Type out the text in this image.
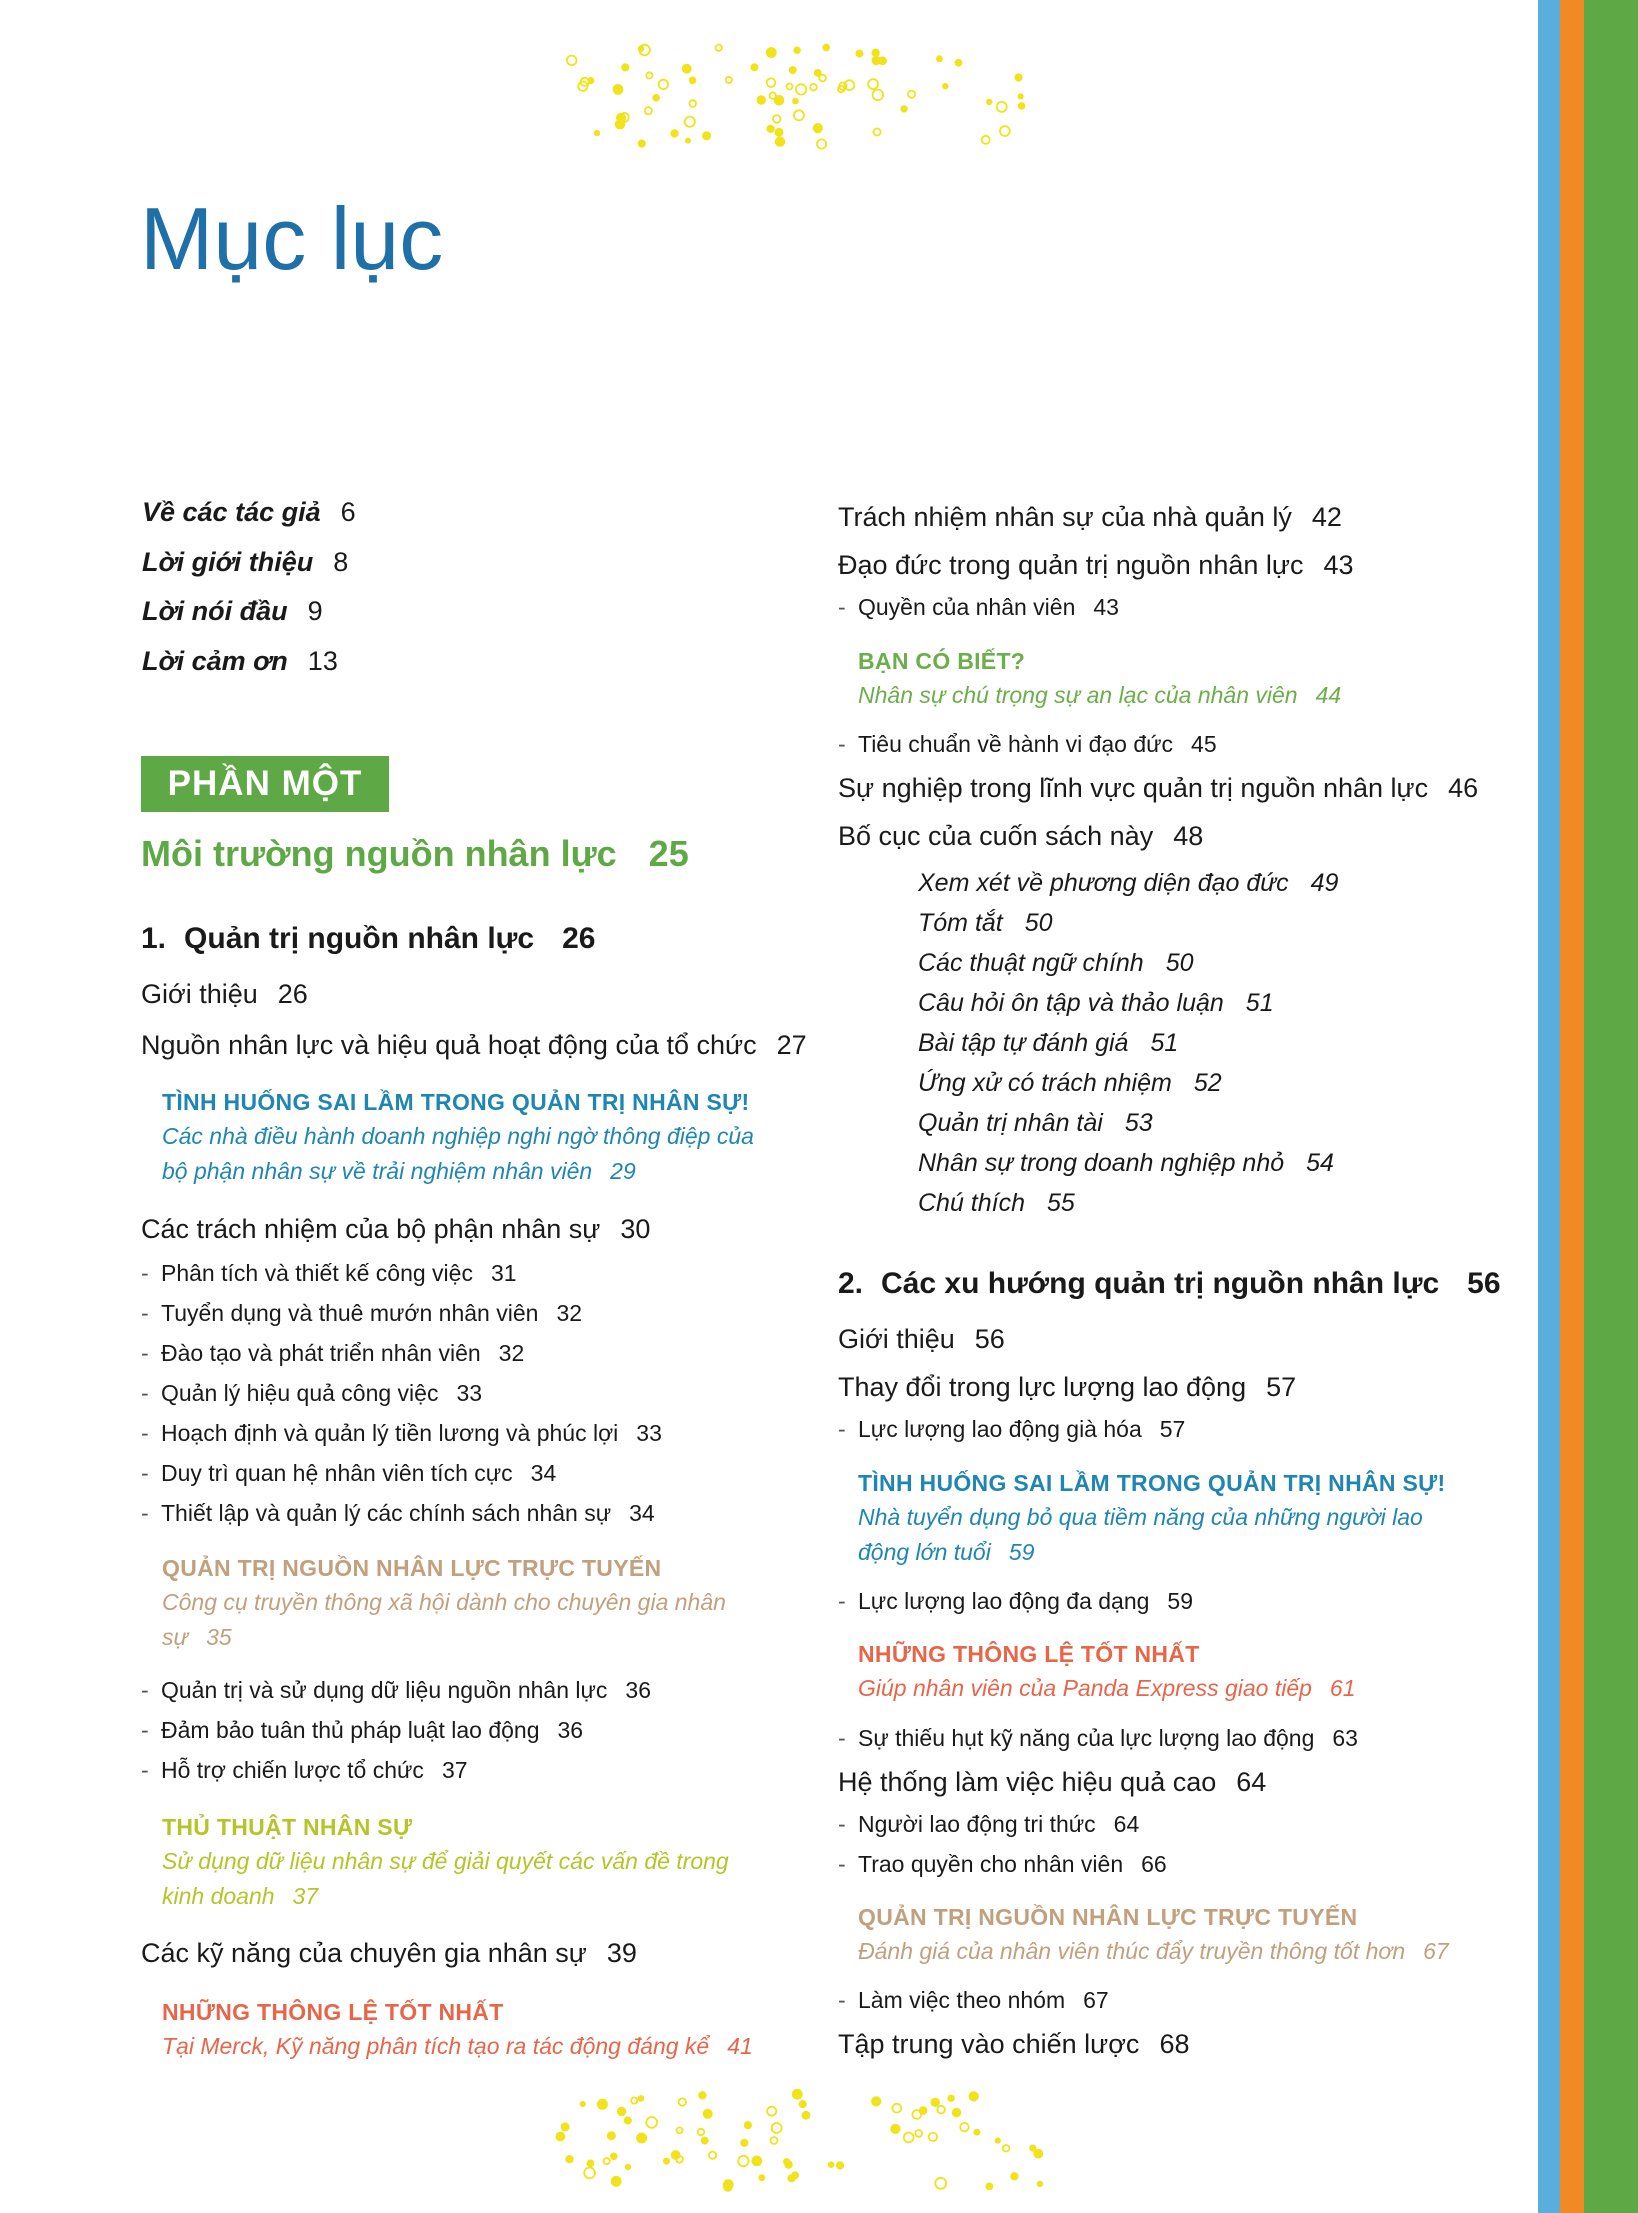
Mục lục
Về các tác giả 6
Lời giới thiệu 8
Lời nói đầu 9
Lời cảm ơn 13
PHẦN MỘT
Môi trường nguồn nhân lực 25
1. Quản trị nguồn nhân lực 26
Giới thiệu 26
Nguồn nhân lực và hiệu quả hoạt động của tổ chức 27
TÌNH HUỐNG SAI LẦM TRONG QUẢN TRỊ NHÂN SỰ!
Các nhà điều hành doanh nghiệp nghi ngờ thông điệp của
bộ phận nhân sự về trải nghiệm nhân viên 29
Các trách nhiệm của bộ phận nhân sự 30
- Phân tích và thiết kế công việc 31
- Tuyển dụng và thuê mướn nhân viên 32
- Đào tạo và phát triển nhân viên 32
- Quản lý hiệu quả công việc 33
- Hoạch định và quản lý tiền lương và phúc lợi 33
- Duy trì quan hệ nhân viên tích cực 34
- Thiết lập và quản lý các chính sách nhân sự 34
QUẢN TRỊ NGUỒN NHÂN LỰC TRỰC TUYẾN
Công cụ truyền thông xã hội dành cho chuyên gia nhân
sự 35
- Quản trị và sử dụng dữ liệu nguồn nhân lực 36
- Đảm bảo tuân thủ pháp luật lao động 36
- Hỗ trợ chiến lược tổ chức 37
THỦ THUẬT NHÂN SỰ
Sử dụng dữ liệu nhân sự để giải quyết các vấn đề trong
kinh doanh 37
Các kỹ năng của chuyên gia nhân sự 39
NHỮNG THÔNG LỆ TỐT NHẤT
Tại Merck, Kỹ năng phân tích tạo ra tác động đáng kể 41
Trách nhiệm nhân sự của nhà quản lý 42
Đạo đức trong quản trị nguồn nhân lực 43
- Quyền của nhân viên 43
BẠN CÓ BIẾT?
Nhân sự chú trọng sự an lạc của nhân viên 44
- Tiêu chuẩn về hành vi đạo đức 45
Sự nghiệp trong lĩnh vực quản trị nguồn nhân lực 46
Bố cục của cuốn sách này 48
Xem xét về phương diện đạo đức 49
Tóm tắt 50
Các thuật ngữ chính 50
Câu hỏi ôn tập và thảo luận 51
Bài tập tự đánh giá 51
Ứng xử có trách nhiệm 52
Quản trị nhân tài 53
Nhân sự trong doanh nghiệp nhỏ 54
Chú thích 55
2. Các xu hướng quản trị nguồn nhân lực 56
Giới thiệu 56
Thay đổi trong lực lượng lao động 57
- Lực lượng lao động già hóa 57
TÌNH HUỐNG SAI LẦM TRONG QUẢN TRỊ NHÂN SỰ!
Nhà tuyển dụng bỏ qua tiềm năng của những người lao
động lớn tuổi 59
- Lực lượng lao động đa dạng 59
NHỮNG THÔNG LỆ TỐT NHẤT
Giúp nhân viên của Panda Express giao tiếp 61
- Sự thiếu hụt kỹ năng của lực lượng lao động 63
Hệ thống làm việc hiệu quả cao 64
- Người lao động tri thức 64
- Trao quyền cho nhân viên 66
QUẢN TRỊ NGUỒN NHÂN LỰC TRỰC TUYẾN
Đánh giá của nhân viên thúc đẩy truyền thông tốt hơn 67
- Làm việc theo nhóm 67
Tập trung vào chiến lược 68
